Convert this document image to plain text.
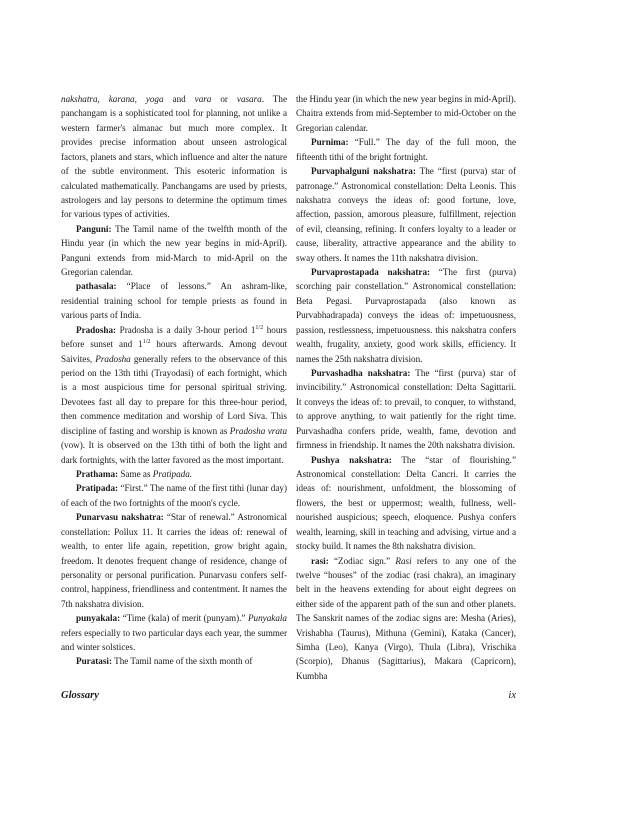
nakshatra, karana, yoga and vara or vasara. The panchangam is a sophisticated tool for planning, not unlike a western farmer's almanac but much more complex. It provides precise information about unseen astrological factors, planets and stars, which influence and alter the nature of the subtle environment. This esoteric information is calculated mathematically. Panchangams are used by priests, astrologers and lay persons to determine the optimum times for various types of activities.

Panguni: The Tamil name of the twelfth month of the Hindu year (in which the new year begins in mid-April). Panguni extends from mid-March to mid-April on the Gregorian calendar.

pathasala: “Place of lessons.” An ashram-like, residential training school for temple priests as found in various parts of India.

Pradosha: Pradosha is a daily 3-hour period $1^{1/2}$ hours before sunset and $1^{1/2}$ hours afterwards. Among devout Saivites, Pradosha generally refers to the observance of this period on the 13th tithi (Trayodasi) of each fortnight, which is a most auspicious time for personal spiritual striving. Devotees fast all day to prepare for this three-hour period, then commence meditation and worship of Lord Siva. This discipline of fasting and worship is known as Pradosha vrata (vow). It is observed on the 13th tithi of both the light and dark fortnights, with the latter favored as the most important.

Prathama: Same as Pratipada.

Pratipada: “First.” The name of the first tithi (lunar day) of each of the two fortnights of the moon's cycle.

Punarvasu nakshatra: “Star of renewal.” Astronomical constellation: Pollux 11. It carries the ideas of: renewal of wealth, to enter life again, repetition, grow bright again, freedom. It denotes frequent change of residence, change of personality or personal purification. Punarvasu confers self-control, happiness, friendliness and contentment. It names the 7th nakshatra division.

punyakala: “Time (kala) of merit (punyam).” Punyakala refers especially to two particular days each year, the summer and winter solstices.

Puratasi: The Tamil name of the sixth month of

the Hindu year (in which the new year begins in mid-April). Chaitra extends from mid-September to mid-October on the Gregorian calendar.

Purnima: “Full.” The day of the full moon, the fifteenth tithi of the bright fortnight.

Purvaphalguni nakshatra: The “first (purva) star of patronage.” Astronomical constellation: Delta Leonis. This nakshatra conveys the ideas of: good fortune, love, affection, passion, amorous pleasure, fulfillment, rejection of evil, cleansing, refining. It confers loyalty to a leader or cause, liberality, attractive appearance and the ability to sway others. It names the 11th nakshatra division.

Purvaprostapada nakshatra: “The first (purva) scorching pair constellation.” Astronomical constellation: Beta Pegasi. Purvaprostapada (also known as Purvabhadrapada) conveys the ideas of: impetuousness, passion, restlessness, impetuousness. this nakshatra confers wealth, frugality, anxiety, good work skills, efficiency. It names the 25th nakshatra division.

Purvashadha nakshatra: The “first (purva) star of invincibility.” Astronomical constellation: Delta Sagittarii. It conveys the ideas of: to prevail, to conquer, to withstand, to approve anything, to wait patiently for the right time. Purvashadha confers pride, wealth, fame, devotion and firmness in friendship. It names the 20th nakshatra division.

Pushya nakshatra: The “star of flourishing.” Astronomical constellation: Delta Cancri. It carries the ideas of: nourishment, unfoldment, the blossoming of flowers, the best or uppermost; wealth, fullness, well-nourished auspicious; speech, eloquence. Pushya confers wealth, learning, skill in teaching and advising, virtue and a stocky build. It names the 8th nakshatra division.

rasi: “Zodiac sign.” Rasi refers to any one of the twelve “houses” of the zodiac (rasi chakra), an imaginary belt in the heavens extending for about eight degrees on either side of the apparent path of the sun and other planets. The Sanskrit names of the zodiac signs are: Mesha (Aries), Vrishabha (Taurus), Mithuna (Gemini), Kataka (Cancer), Simha (Leo), Kanya (Virgo), Thula (Libra), Vrischika (Scorpio), Dhanus (Sagittarius), Makara (Capricorn), Kumbha

Glossary	ix
